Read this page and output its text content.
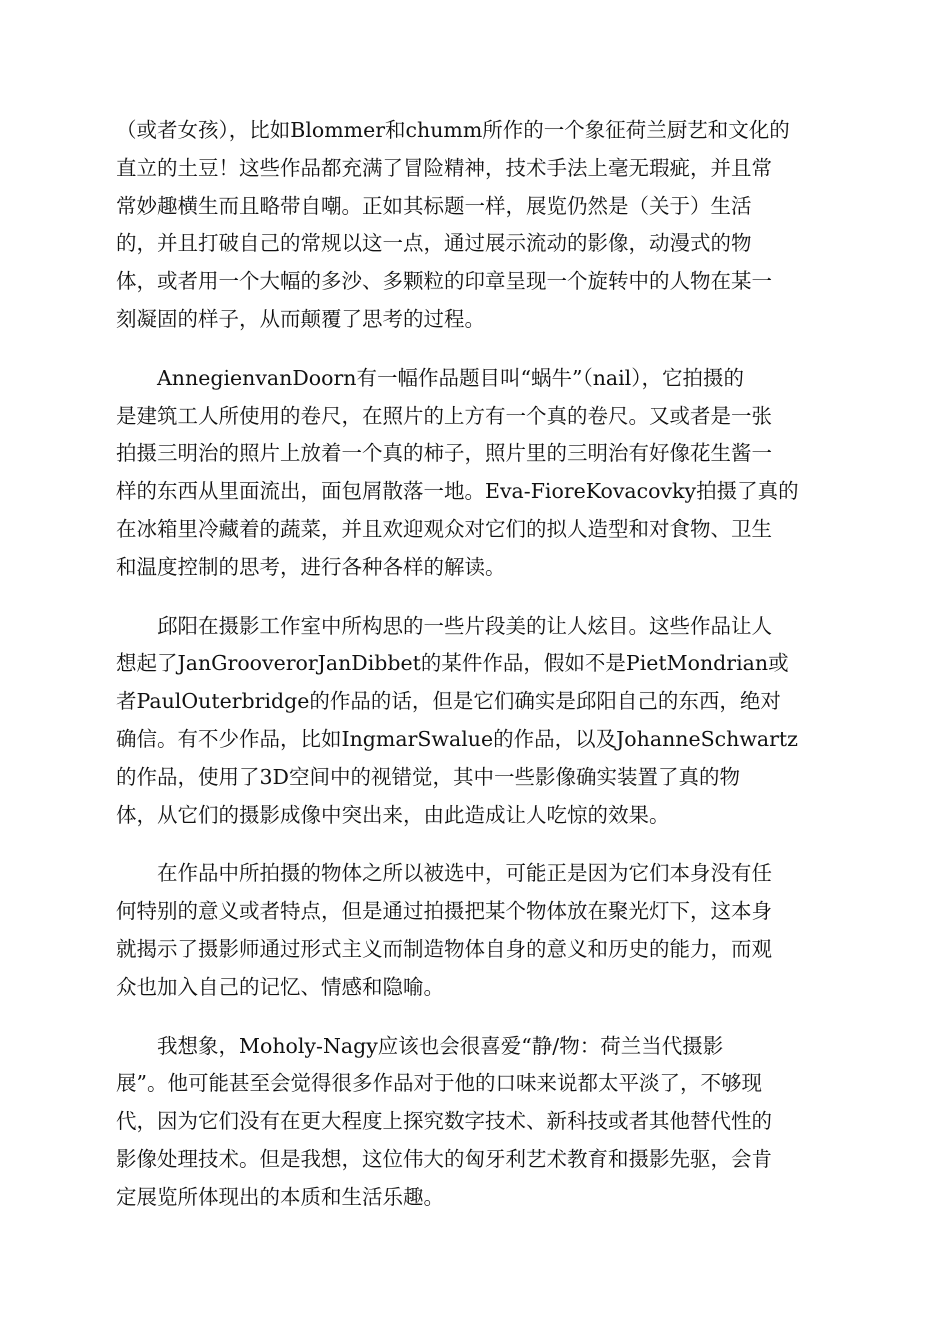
（或者女孩），比如Blommer和chumm所作的一个象征荷兰厨艺和文化的
直立的土豆！这些作品都充满了冒险精神，技术手法上毫无瑕疵，并且常
常妙趣横生而且略带自嘲。正如其标题一样，展览仍然是（关于）生活
的，并且打破自己的常规以这一点，通过展示流动的影像，动漫式的物
体，或者用一个大幅的多沙、多颗粒的印章呈现一个旋转中的人物在某一
刻凝固的样子，从而颠覆了思考的过程。

AnnegienvanDoorn有一幅作品题目叫“蜗牛”（nail），它拍摄的
是建筑工人所使用的卷尺，在照片的上方有一个真的卷尺。又或者是一张
拍摄三明治的照片上放着一个真的柿子，照片里的三明治有好像花生酱一
样的东西从里面流出，面包屑散落一地。Eva-FioreKovacovky拍摄了真的
在冰箱里冷藏着的蔬菜，并且欢迎观众对它们的拟人造型和对食物、卫生
和温度控制的思考，进行各种各样的解读。

邱阳在摄影工作室中所构思的一些片段美的让人炫目。这些作品让人
想起了JanGrooverorJanDibbet的某件作品，假如不是PietMondrian或
者PaulOuterbridge的作品的话，但是它们确实是邱阳自己的东西，绝对
确信。有不少作品，比如IngmarSwalue的作品，以及JohanneSchwartz
的作品，使用了3D空间中的视错觉，其中一些影像确实装置了真的物
体，从它们的摄影成像中突出来，由此造成让人吃惊的效果。

在作品中所拍摄的物体之所以被选中，可能正是因为它们本身没有任
何特别的意义或者特点，但是通过拍摄把某个物体放在聚光灯下，这本身
就揭示了摄影师通过形式主义而制造物体自身的意义和历史的能力，而观
众也加入自己的记忆、情感和隐喻。

我想象，Moholy-Nagy应该也会很喜爱“静/物：荷兰当代摄影
展”。他可能甚至会觉得很多作品对于他的口味来说都太平淡了，不够现
代，因为它们没有在更大程度上探究数字技术、新科技或者其他替代性的
影像处理技术。但是我想，这位伟大的匈牙利艺术教育和摄影先驱，会肯
定展览所体现出的本质和生活乐趣。
